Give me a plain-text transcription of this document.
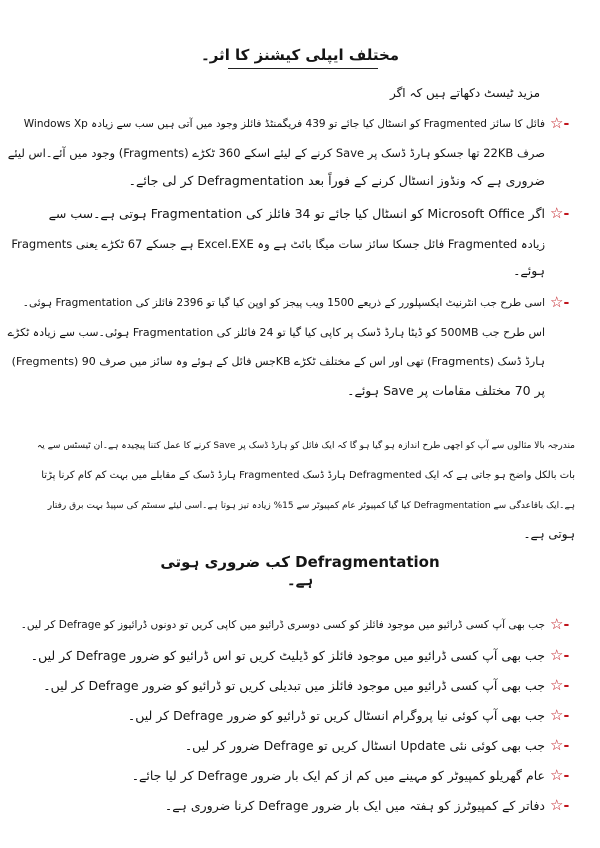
مختلف ایپلی کیشنز کا اثر۔
مزید ٹیسٹ دکھاتے ہیں کہ اگر
☆-
Windows Xp کو انسٹال کیا جائے تو 439 فریگمنٹڈ فائلز وجود میں آتی ہیں سب سے زیادہ Fragmented فائل کا سائز
صرف 22KB تھا جسکو ہارڈ ڈسک پر Save کرنے کے لیئے اسکے 360 ٹکڑے (Fragments) وجود میں آئے۔اس لیئے
ضروری ہے کہ ونڈوز انسٹال کرنے کے فوراً بعد Defragmentation کر لی جائے۔
☆-
اگر Microsoft Office کو انسٹال کیا جائے تو 34 فائلز کی Fragmentation ہوتی ہے۔سب سے
زیادہ Fragmented فائل جسکا سائز سات میگا بائٹ ہے وہ Excel.EXE ہے جسکے 67 ٹکڑے یعنی Fragments
ہوئے۔
☆-
اسی طرح جب انٹرنیٹ ایکسپلورر کے ذریعے 1500 ویب پیجز کو اوپن کیا گیا تو 2396 فائلز کی Fragmentation ہوئی۔
اس طرح جب 500MB کو ڈیٹا ہارڈ ڈسک پر کاپی کیا گیا تو 24 فائلز کی Fragmentation ہوئی۔سب سے زیادہ ٹکڑے
(Fregments) جس فائل کے ہوئے وہ سائز میں صرف 90KB تھی اور اس کے مختلف ٹکڑے (Fragments) ہارڈ ڈسک
پر 70 مختلف مقامات پر Save ہوئے۔
مندرجہ بالا مثالوں سے آپ کو اچھی طرح اندازہ ہو گیا ہو گا کہ ایک فائل کو ہارڈ ڈسک پر Save کرنے کا عمل کتنا پیچیدہ ہے۔ان ٹیسٹس سے یہ
بات بالکل واضح ہو جاتی ہے کہ ایک Defragmented ہارڈ ڈسک Fragmented ہارڈ ڈسک کے مقابلے میں بہت کم کام کرنا پڑتا
ہے۔ایک باقاعدگی سے Defragmentation کیا گیا کمپیوٹر عام کمپیوٹر سے 15% زیادہ تیز ہوتا ہے۔اسی لیئے سسٹم کی سپیڈ بہت برق رفتار
ہوتی ہے۔
Defragmentation کب ضروری ہوتی ہے۔
☆-
جب بھی آپ کسی ڈرائیو میں موجود فائلز کو کسی دوسری ڈرائیو میں کاپی کریں تو دونوں ڈرائیوز کو Defrage کر لیں۔
☆-
جب بھی آپ کسی ڈرائیو میں موجود فائلز کو ڈیلیٹ کریں تو اس ڈرائیو کو ضرور Defrage کر لیں۔
☆-
جب بھی آپ کسی ڈرائیو میں موجود فائلز میں تبدیلی کریں تو ڈرائیو کو ضرور Defrage کر لیں۔
☆-
جب بھی آپ کوئی نیا پروگرام انسٹال کریں تو ڈرائیو کو ضرور Defrage کر لیں۔
☆-
جب بھی کوئی نئی Update انسٹال کریں تو Defrage ضرور کر لیں۔
☆-
عام گھریلو کمپیوٹر کو مہینے میں کم از کم ایک بار ضرور Defrage کر لیا جائے۔
☆-
دفاتر کے کمپیوٹرز کو ہفتہ میں ایک بار ضرور Defrage کرنا ضروری ہے۔
